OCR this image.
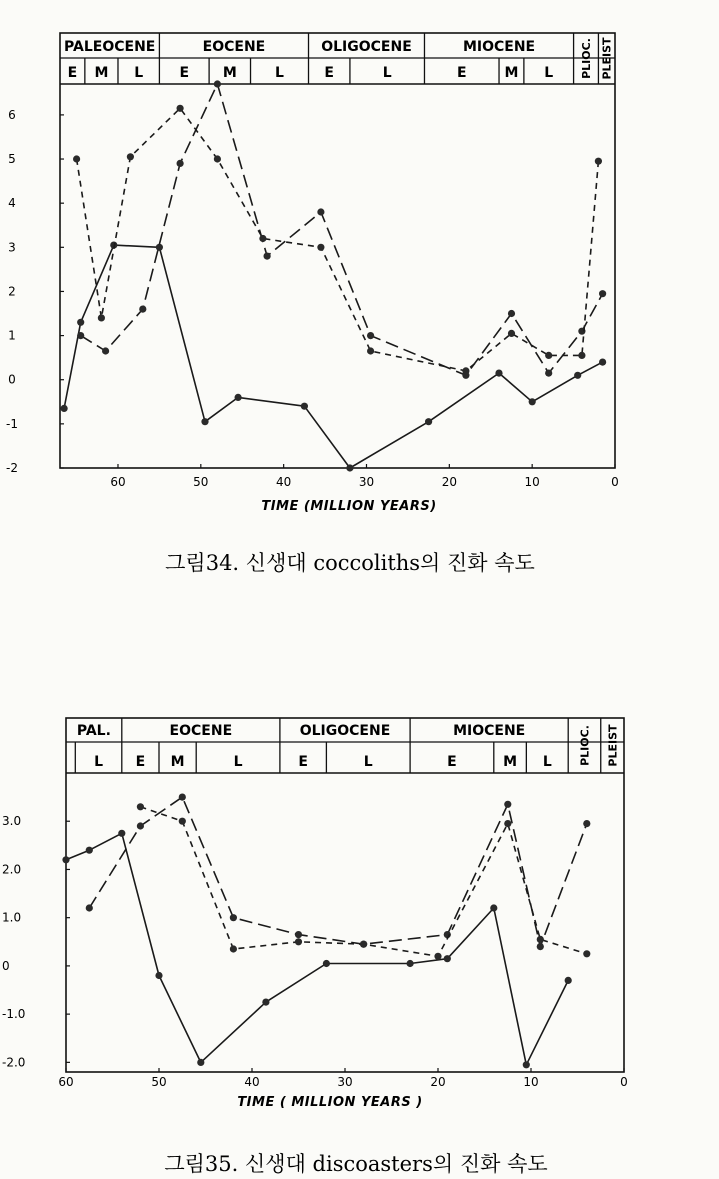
PALEOCENE	EOCENE	OLIGOCENE	MIOCENE	PLIOC. PLEIST
E M L	E M	L	E	L	E	M L
6
5
4
3
2
1
0
-1
-2
60	50	40	30	20	10	0
TIME (MILLION YEARS)
그림34. 신생대 coccoliths의 진화 속도
PAL.	EOCENE	OLIGOCENE	MIOCENE	PLIOC. PLEIST
L E M	L	E	L	E	M L
3.0
2.0
1.0
0
-1.0
-2.0
60	50	40	30	20	10	0
TIME ( MILLION YEARS )
그림35. 신생대 discoasters의 진화 속도
